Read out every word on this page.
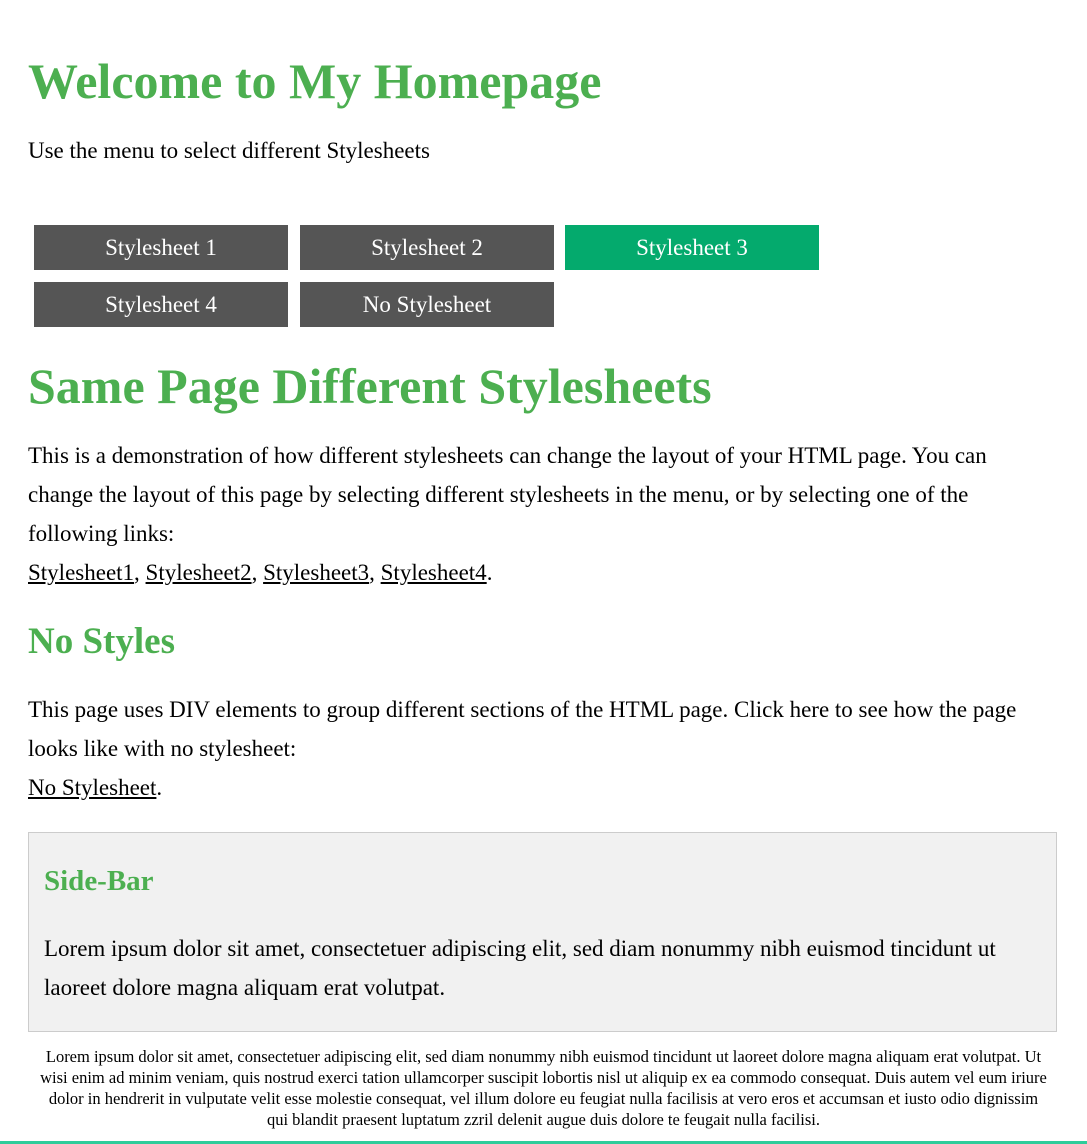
Welcome to My Homepage

Use the menu to select different Stylesheets

Stylesheet 1	Stylesheet 2	Stylesheet 3
Stylesheet 4	No Stylesheet
Same Page Different Stylesheets

This is a demonstration of how different stylesheets can change the layout of your HTML page. You can change the layout of this page by selecting different stylesheets in the menu, or by selecting one of the following links:
Stylesheet1, Stylesheet2, Stylesheet3, Stylesheet4.

No Styles

This page uses DIV elements to group different sections of the HTML page. Click here to see how the page looks like with no stylesheet:
No Stylesheet.

Side-Bar

Lorem ipsum dolor sit amet, consectetuer adipiscing elit, sed diam nonummy nibh euismod tincidunt ut laoreet dolore magna aliquam erat volutpat.

Lorem ipsum dolor sit amet, consectetuer adipiscing elit, sed diam nonummy nibh euismod tincidunt ut laoreet dolore magna aliquam erat volutpat. Ut wisi enim ad minim veniam, quis nostrud exerci tation ullamcorper suscipit lobortis nisl ut aliquip ex ea commodo consequat. Duis autem vel eum iriure dolor in hendrerit in vulputate velit esse molestie consequat, vel illum dolore eu feugiat nulla facilisis at vero eros et accumsan et iusto odio dignissim qui blandit praesent luptatum zzril delenit augue duis dolore te feugait nulla facilisi.
